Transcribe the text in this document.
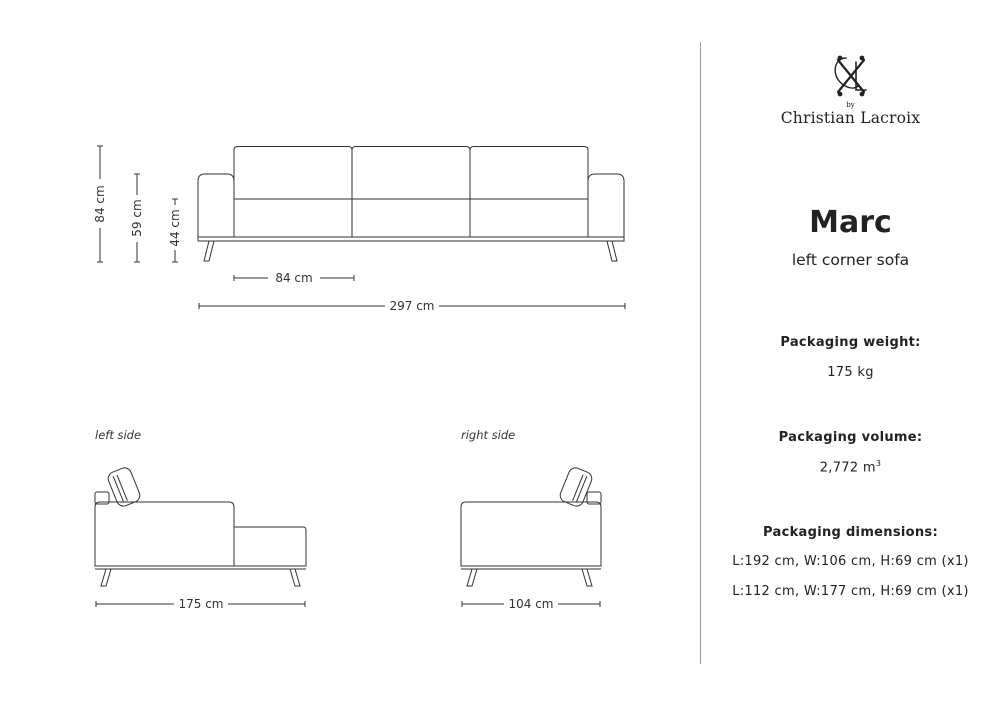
84 cm 59 cm 44 cm
84 cm
297 cm
left side	right side
175 cm	104 cm
by
Christian Lacroix
Marc
left corner sofa
Packaging weight:
175 kg
Packaging volume:
2,772 $m^3$
Packaging dimensions:
L:192 cm, W:106 cm, H:69 cm (x1)
L:112 cm, W:177 cm, H:69 cm (x1)
